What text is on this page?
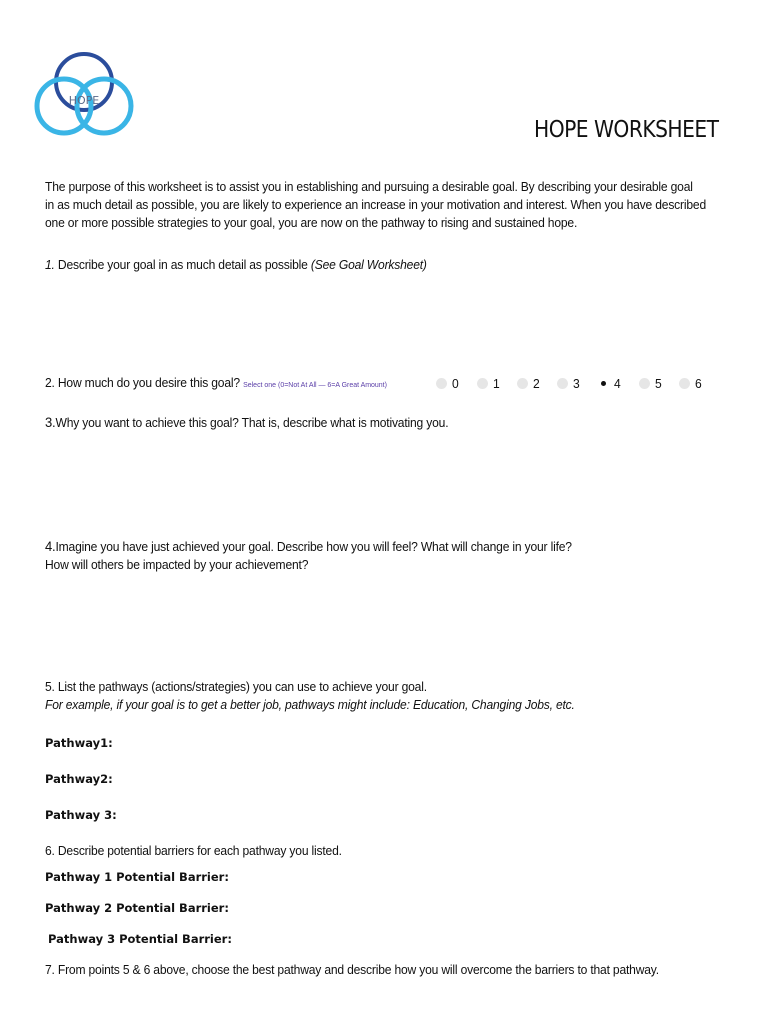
HOPE
HOPE WORKSHEET
The purpose of this worksheet is to assist you in establishing and pursuing a desirable goal. By describing your desirable goal
in as much detail as possible, you are likely to experience an increase in your motivation and interest. When you have described
one or more possible strategies to your goal, you are now on the pathway to rising and sustained hope.
1. Describe your goal in as much detail as possible (See Goal Worksheet)
2. How much do you desire this goal? Select one (0=Not At All — 6=A Great Amount)	0	1	2	3	4	5	6
3.Why you want to achieve this goal? That is, describe what is motivating you.
4.Imagine you have just achieved your goal. Describe how you will feel? What will change in your life?
How will others be impacted by your achievement?
5. List the pathways (actions/strategies) you can use to achieve your goal.
For example, if your goal is to get a better job, pathways might include: Education, Changing Jobs, etc.
Pathway1:
Pathway2:
Pathway 3:
6. Describe potential barriers for each pathway you listed.
Pathway 1 Potential Barrier:
Pathway 2 Potential Barrier:
Pathway 3 Potential Barrier:
7. From points 5 & 6 above, choose the best pathway and describe how you will overcome the barriers to that pathway.
